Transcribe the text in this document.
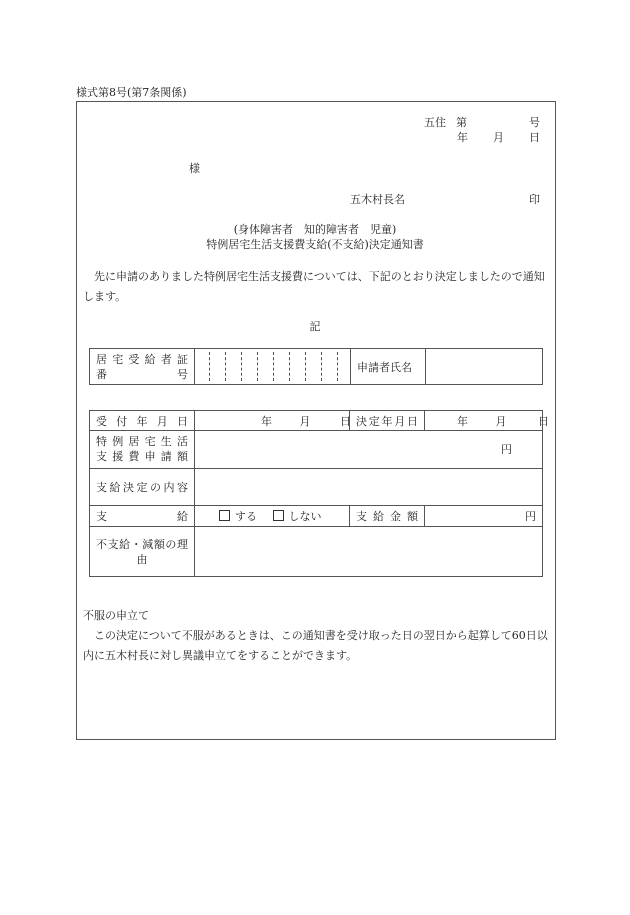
様式第8号(第7条関係)
五住 第	号
年 月 日
様
五木村長名	印
(身体障害者　知的障害者　児童)
特例居宅生活支援費支給(不支給)決定通知書

先に申請のありました特例居宅生活支援費については、下記のとおり決定しましたので通知します。

記
居宅受給者証
番　　　号

	申請者氏名	
受付年月日	年 月 日	決定年月日	年 月 日

特例居宅生活
支援費申請額	円		

支給決定の内容			

支　　給	する しない	支給金額	円

不支給・減額の理
由			

不服の申立て

この決定について不服があるときは、この通知書を受け取った日の翌日から起算して60日以内に五木村長に対し異議申立てをすることができます。
